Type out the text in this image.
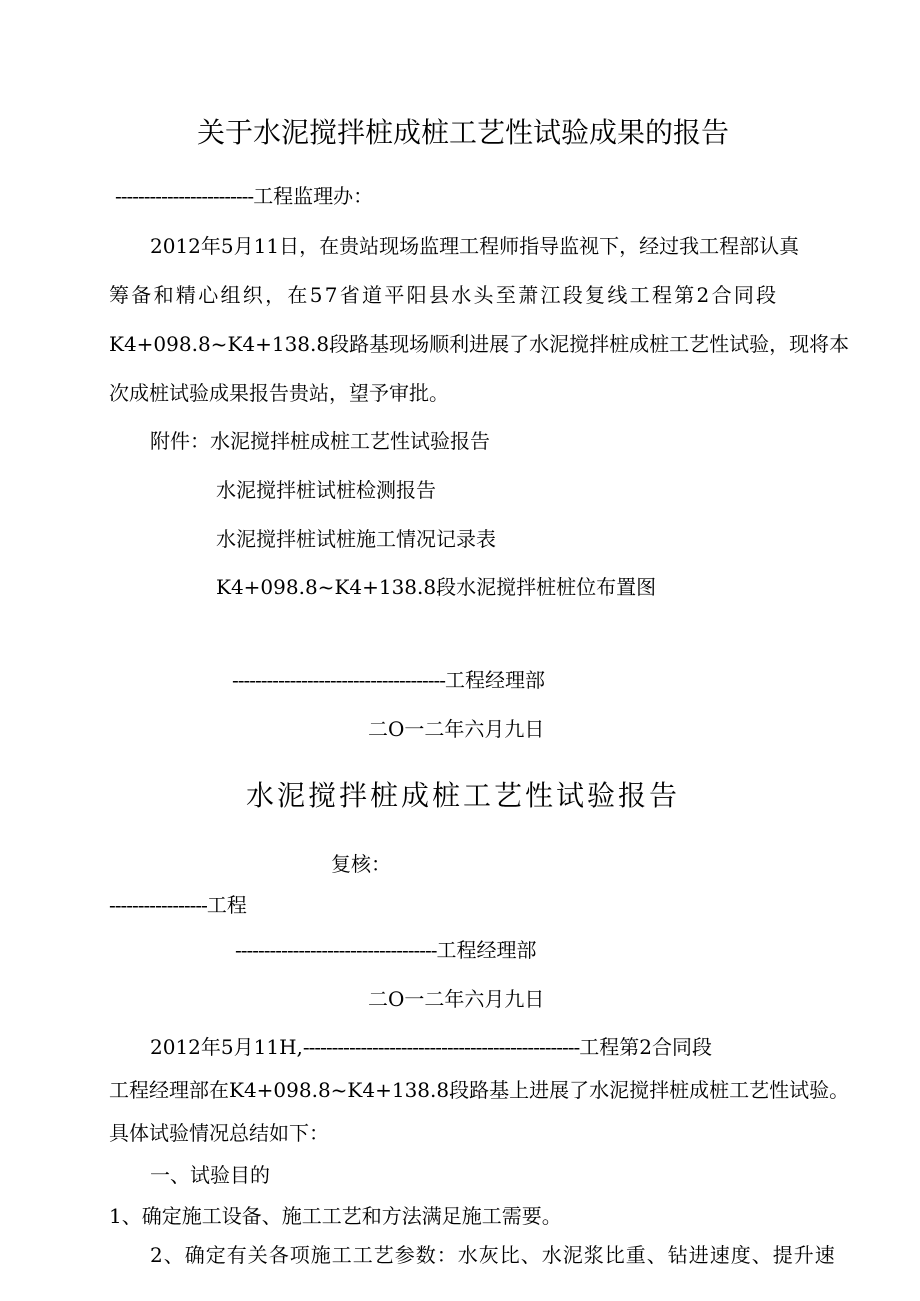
关于水泥搅拌桩成桩工艺性试验成果的报告
------------------------工程监理办：
2012年5月11日，在贵站现场监理工程师指导监视下，经过我工程部认真
筹备和精心组织，在57省道平阳县水头至萧江段复线工程第2合同段
K4+098.8~K4+138.8段路基现场顺利进展了水泥搅拌桩成桩工艺性试验，现将本
次成桩试验成果报告贵站，望予审批。
附件：水泥搅拌桩成桩工艺性试验报告
水泥搅拌桩试桩检测报告
水泥搅拌桩试桩施工情况记录表
K4+098.8~K4+138.8段水泥搅拌桩桩位布置图
-------------------------------------工程经理部
二O一二年六月九日
水泥搅拌桩成桩工艺性试验报告
复核：
-----------------工程
-----------------------------------工程经理部
二O一二年六月九日
2012年5月11H,------------------------------------------------工程第2合同段
工程经理部在K4+098.8~K4+138.8段路基上进展了水泥搅拌桩成桩工艺性试验。
具体试验情况总结如下：
一、试验目的
1、确定施工设备、施工工艺和方法满足施工需要。
2、确定有关各项施工工艺参数：水灰比、水泥浆比重、钻进速度、提升速
